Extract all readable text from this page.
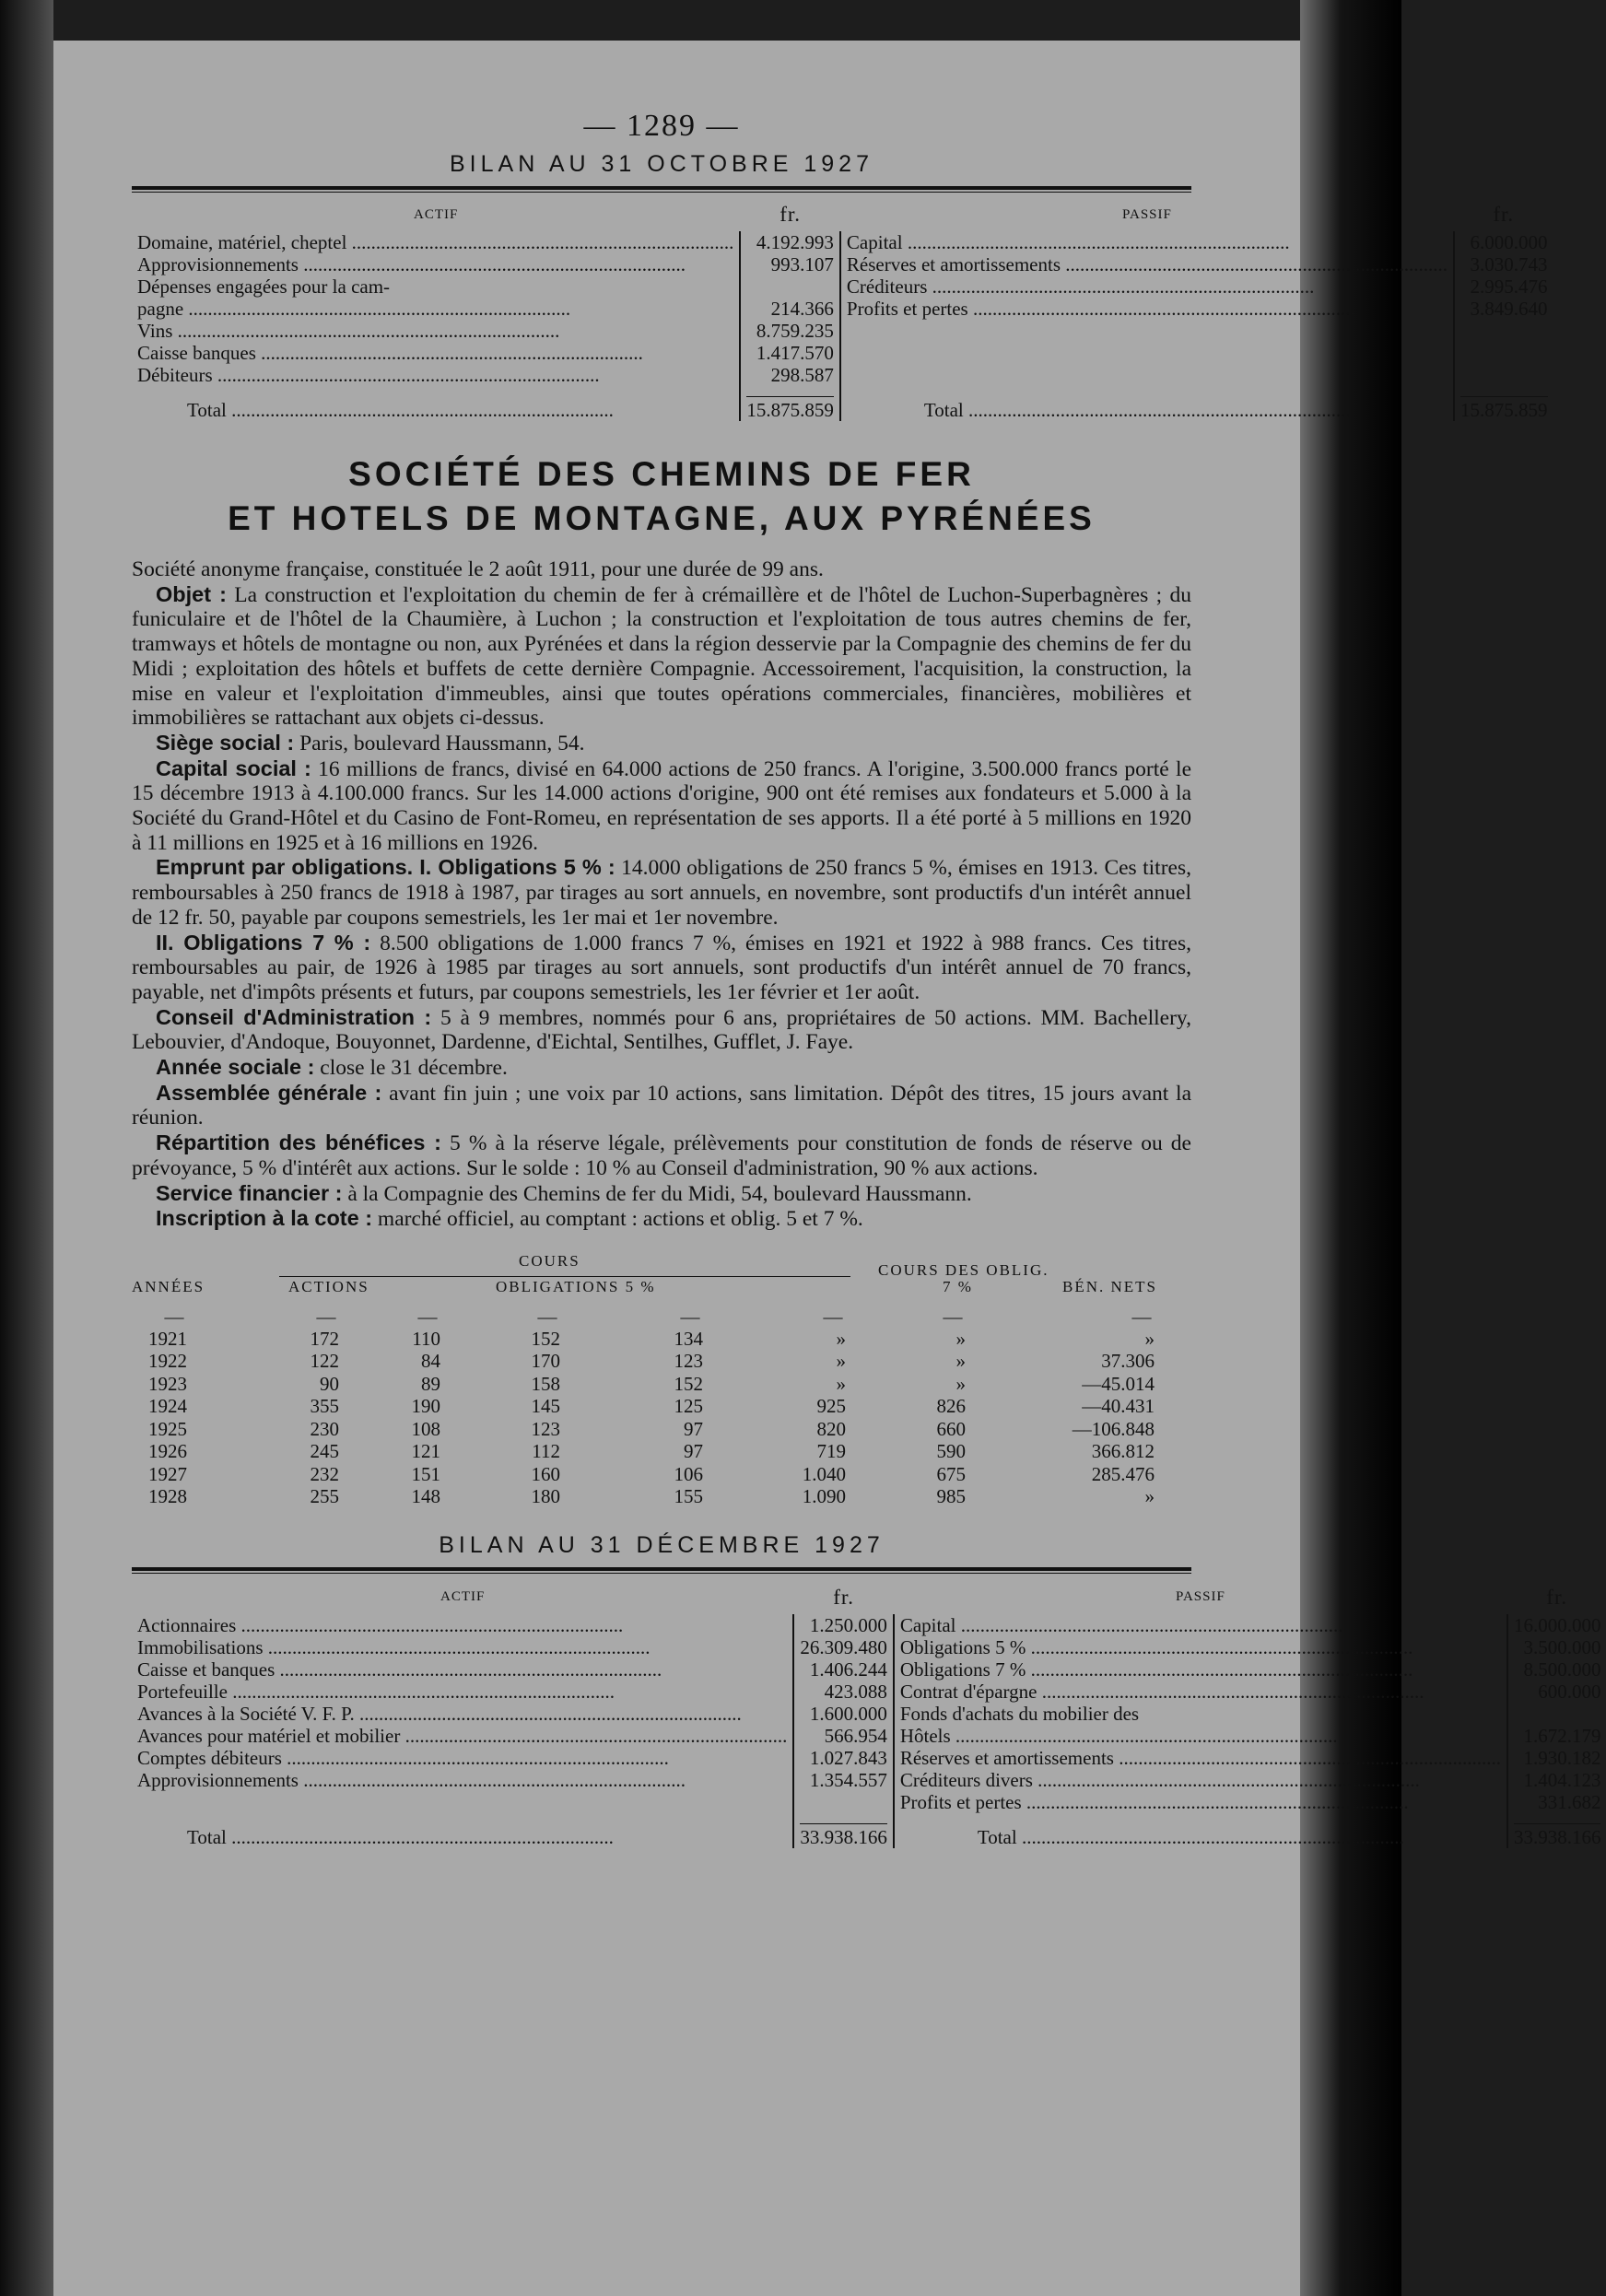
— 1289 —
BILAN AU 31 OCTOBRE 1927
ACTIF	fr.	PASSIF	fr.
Domaine, matériel, cheptel .....	4.192.993	Capital .....	6.000.000
Approvisionnements .....	993.107	Réserves et amortissements .....	3.030.743
Dépenses engagées pour la cam-		Créditeurs .....	2.995.476
pagne .....	214.366	Profits et pertes .....	3.849.640
Vins .....	8.759.235		
Caisse banques .....	1.417.570		
Débiteurs .....	298.587		
Total .....	15.875.859	Total .....	15.875.859
SOCIÉTÉ DES CHEMINS DE FER
ET HOTELS DE MONTAGNE, AUX PYRÉNÉES

Société anonyme française, constituée le 2 août 1911, pour une durée de 99 ans.

Objet : La construction et l'exploitation du chemin de fer à crémaillère et de l'hôtel de Luchon-Superbagnères ; du funiculaire et de l'hôtel de la Chaumière, à Luchon ; la construction et l'exploitation de tous autres chemins de fer, tramways et hôtels de montagne ou non, aux Pyrénées et dans la région desservie par la Compagnie des chemins de fer du Midi ; exploitation des hôtels et buffets de cette dernière Compagnie. Accessoirement, l'acquisition, la construction, la mise en valeur et l'exploitation d'immeubles, ainsi que toutes opérations commerciales, financières, mobilières et immobilières se rattachant aux objets ci-dessus.

Siège social : Paris, boulevard Haussmann, 54.

Capital social : 16 millions de francs, divisé en 64.000 actions de 250 francs. A l'origine, 3.500.000 francs porté le 15 décembre 1913 à 4.100.000 francs. Sur les 14.000 actions d'origine, 900 ont été remises aux fondateurs et 5.000 à la Société du Grand-Hôtel et du Casino de Font-Romeu, en représentation de ses apports. Il a été porté à 5 millions en 1920 à 11 millions en 1925 et à 16 millions en 1926.

Emprunt par obligations. I. Obligations 5 % : 14.000 obligations de 250 francs 5 %, émises en 1913. Ces titres, remboursables à 250 francs de 1918 à 1987, par tirages au sort annuels, en novembre, sont productifs d'un intérêt annuel de 12 fr. 50, payable par coupons semestriels, les 1er mai et 1er novembre.

II. Obligations 7 % : 8.500 obligations de 1.000 francs 7 %, émises en 1921 et 1922 à 988 francs. Ces titres, remboursables au pair, de 1926 à 1985 par tirages au sort annuels, sont productifs d'un intérêt annuel de 70 francs, payable, net d'impôts présents et futurs, par coupons semestriels, les 1er février et 1er août.

Conseil d'Administration : 5 à 9 membres, nommés pour 6 ans, propriétaires de 50 actions. MM. Bachellery, Lebouvier, d'Andoque, Bouyonnet, Dardenne, d'Eichtal, Sentilhes, Gufflet, J. Faye.

Année sociale : close le 31 décembre.

Assemblée générale : avant fin juin ; une voix par 10 actions, sans limitation. Dépôt des titres, 15 jours avant la réunion.

Répartition des bénéfices : 5 % à la réserve légale, prélèvements pour constitution de fonds de réserve ou de prévoyance, 5 % d'intérêt aux actions. Sur le solde : 10 % au Conseil d'administration, 90 % aux actions.

Service financier : à la Compagnie des Chemins de fer du Midi, 54, boulevard Haussmann.

Inscription à la cote : marché officiel, au comptant : actions et oblig. 5 et 7 %.

COURS
COURS DES OBLIG.
ANNÉES	ACTIONS	OBLIGATIONS 5 %	7 %	BÉN. NETS
—	—	—	—	—	—	—	—
1921	172	110	152	134	»	»	»
1922	122	84	170	123	»	»	37.306
1923	90	89	158	152	»	»	—45.014
1924	355	190	145	125	925	826	—40.431
1925	230	108	123	97	820	660	—106.848
1926	245	121	112	97	719	590	366.812
1927	232	151	160	106	1.040	675	285.476
1928	255	148	180	155	1.090	985	»
BILAN AU 31 DÉCEMBRE 1927
ACTIF	fr.	PASSIF	fr.
Actionnaires .....	1.250.000	Capital .....	16.000.000
Immobilisations .....	26.309.480	Obligations 5 % .....	3.500.000
Caisse et banques .....	1.406.244	Obligations 7 % .....	8.500.000
Portefeuille .....	423.088	Contrat d'épargne .....	600.000
Avances à la Société V. F. P. .....	1.600.000	Fonds d'achats du mobilier des	
Avances pour matériel et mobilier .....	566.954	Hôtels .....	1.672.179
Comptes débiteurs .....	1.027.843	Réserves et amortissements .....	1.930.182
Approvisionnements .....	1.354.557	Créditeurs divers .....	1.404.123
		Profits et pertes .....	331.682
Total .....	33.938.166	Total .....	33.938.166
